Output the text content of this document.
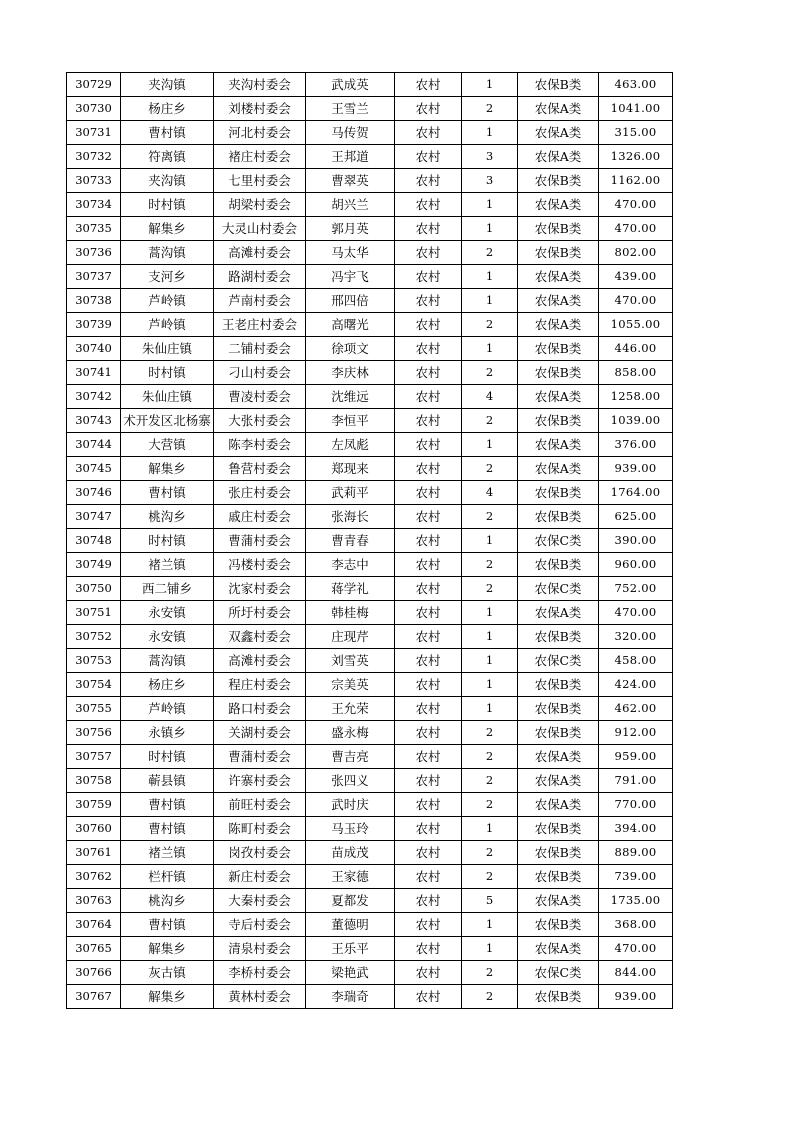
30729	夹沟镇	夹沟村委会	武成英	农村	1	农保B类	463.00
30730	杨庄乡	刘楼村委会	王雪兰	农村	2	农保A类	1041.00
30731	曹村镇	河北村委会	马传贺	农村	1	农保A类	315.00
30732	符离镇	褚庄村委会	王邦道	农村	3	农保A类	1326.00
30733	夹沟镇	七里村委会	曹翠英	农村	3	农保B类	1162.00
30734	时村镇	胡梁村委会	胡兴兰	农村	1	农保A类	470.00
30735	解集乡	大灵山村委会	郭月英	农村	1	农保B类	470.00
30736	蒿沟镇	高滩村委会	马太华	农村	2	农保B类	802.00
30737	支河乡	路湖村委会	冯宇飞	农村	1	农保A类	439.00
30738	芦岭镇	芦南村委会	邢四倍	农村	1	农保A类	470.00
30739	芦岭镇	王老庄村委会	高曙光	农村	2	农保A类	1055.00
30740	朱仙庄镇	二铺村委会	徐项文	农村	1	农保B类	446.00
30741	时村镇	刁山村委会	李庆林	农村	2	农保B类	858.00
30742	朱仙庄镇	曹凌村委会	沈维远	农村	4	农保A类	1258.00
30743	术开发区北杨寨	大张村委会	李恒平	农村	2	农保B类	1039.00
30744	大营镇	陈李村委会	左凤彪	农村	1	农保A类	376.00
30745	解集乡	鲁营村委会	郑现来	农村	2	农保A类	939.00
30746	曹村镇	张庄村委会	武莉平	农村	4	农保B类	1764.00
30747	桃沟乡	戚庄村委会	张海长	农村	2	农保B类	625.00
30748	时村镇	曹蒲村委会	曹青春	农村	1	农保C类	390.00
30749	褚兰镇	冯楼村委会	李志中	农村	2	农保B类	960.00
30750	西二铺乡	沈家村委会	蒋学礼	农村	2	农保C类	752.00
30751	永安镇	所圩村委会	韩桂梅	农村	1	农保A类	470.00
30752	永安镇	双鑫村委会	庄现芹	农村	1	农保B类	320.00
30753	蒿沟镇	高滩村委会	刘雪英	农村	1	农保C类	458.00
30754	杨庄乡	程庄村委会	宗美英	农村	1	农保B类	424.00
30755	芦岭镇	路口村委会	王允荣	农村	1	农保B类	462.00
30756	永镇乡	关湖村委会	盛永梅	农村	2	农保B类	912.00
30757	时村镇	曹蒲村委会	曹吉亮	农村	2	农保A类	959.00
30758	蕲县镇	许寨村委会	张四义	农村	2	农保A类	791.00
30759	曹村镇	前旺村委会	武时庆	农村	2	农保A类	770.00
30760	曹村镇	陈町村委会	马玉玲	农村	1	农保B类	394.00
30761	褚兰镇	岗孜村委会	苗成茂	农村	2	农保B类	889.00
30762	栏杆镇	新庄村委会	王家德	农村	2	农保B类	739.00
30763	桃沟乡	大秦村委会	夏都发	农村	5	农保A类	1735.00
30764	曹村镇	寺后村委会	董德明	农村	1	农保B类	368.00
30765	解集乡	清泉村委会	王乐平	农村	1	农保A类	470.00
30766	灰古镇	李桥村委会	梁艳武	农村	2	农保C类	844.00
30767	解集乡	黄林村委会	李瑞奇	农村	2	农保B类	939.00
